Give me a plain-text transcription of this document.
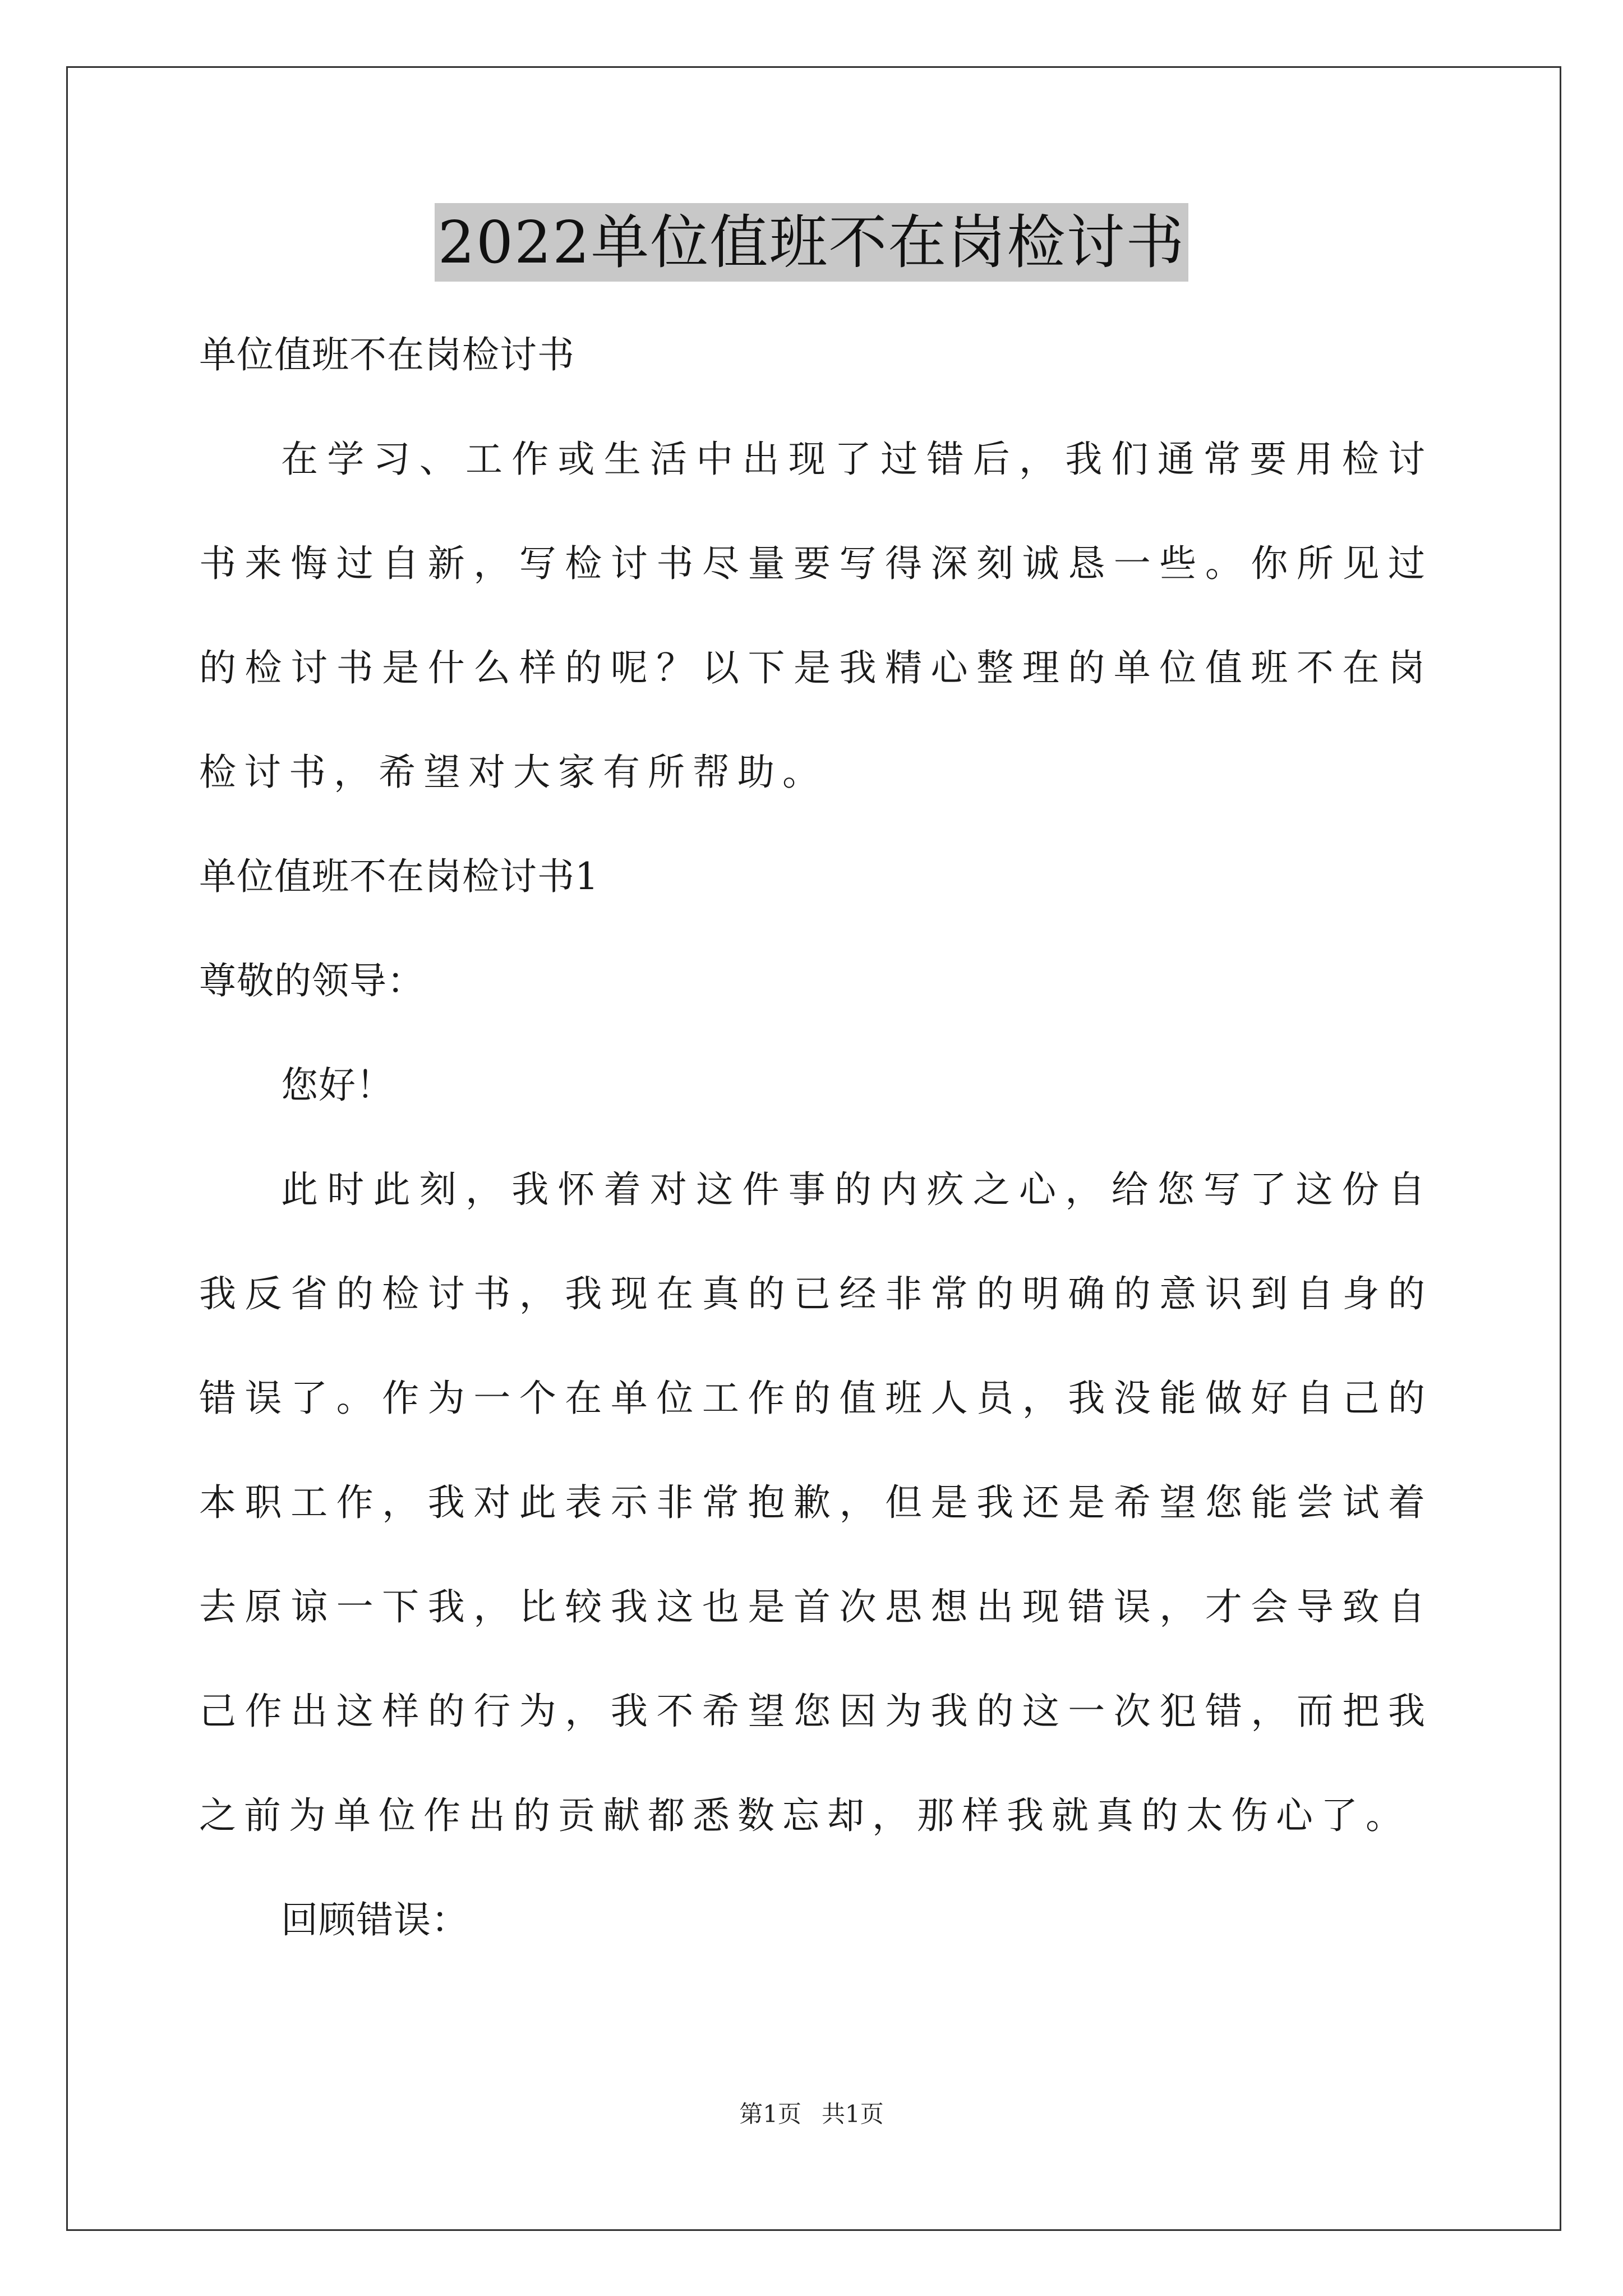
2022单位值班不在岗检讨书

单位值班不在岗检讨书

在学习、工作或生活中出现了过错后，我们通常要用检讨书来悔过自新，写检讨书尽量要写得深刻诚恳一些。你所见过的检讨书是什么样的呢？以下是我精心整理的单位值班不在岗检讨书，希望对大家有所帮助。

单位值班不在岗检讨书1

尊敬的领导：

您好！

此时此刻，我怀着对这件事的内疚之心，给您写了这份自我反省的检讨书，我现在真的已经非常的明确的意识到自身的错误了。作为一个在单位工作的值班人员，我没能做好自己的本职工作，我对此表示非常抱歉，但是我还是希望您能尝试着去原谅一下我，比较我这也是首次思想出现错误，才会导致自己作出这样的行为，我不希望您因为我的这一次犯错，而把我之前为单位作出的贡献都悉数忘却，那样我就真的太伤心了。

回顾错误：

第1页 共1页
